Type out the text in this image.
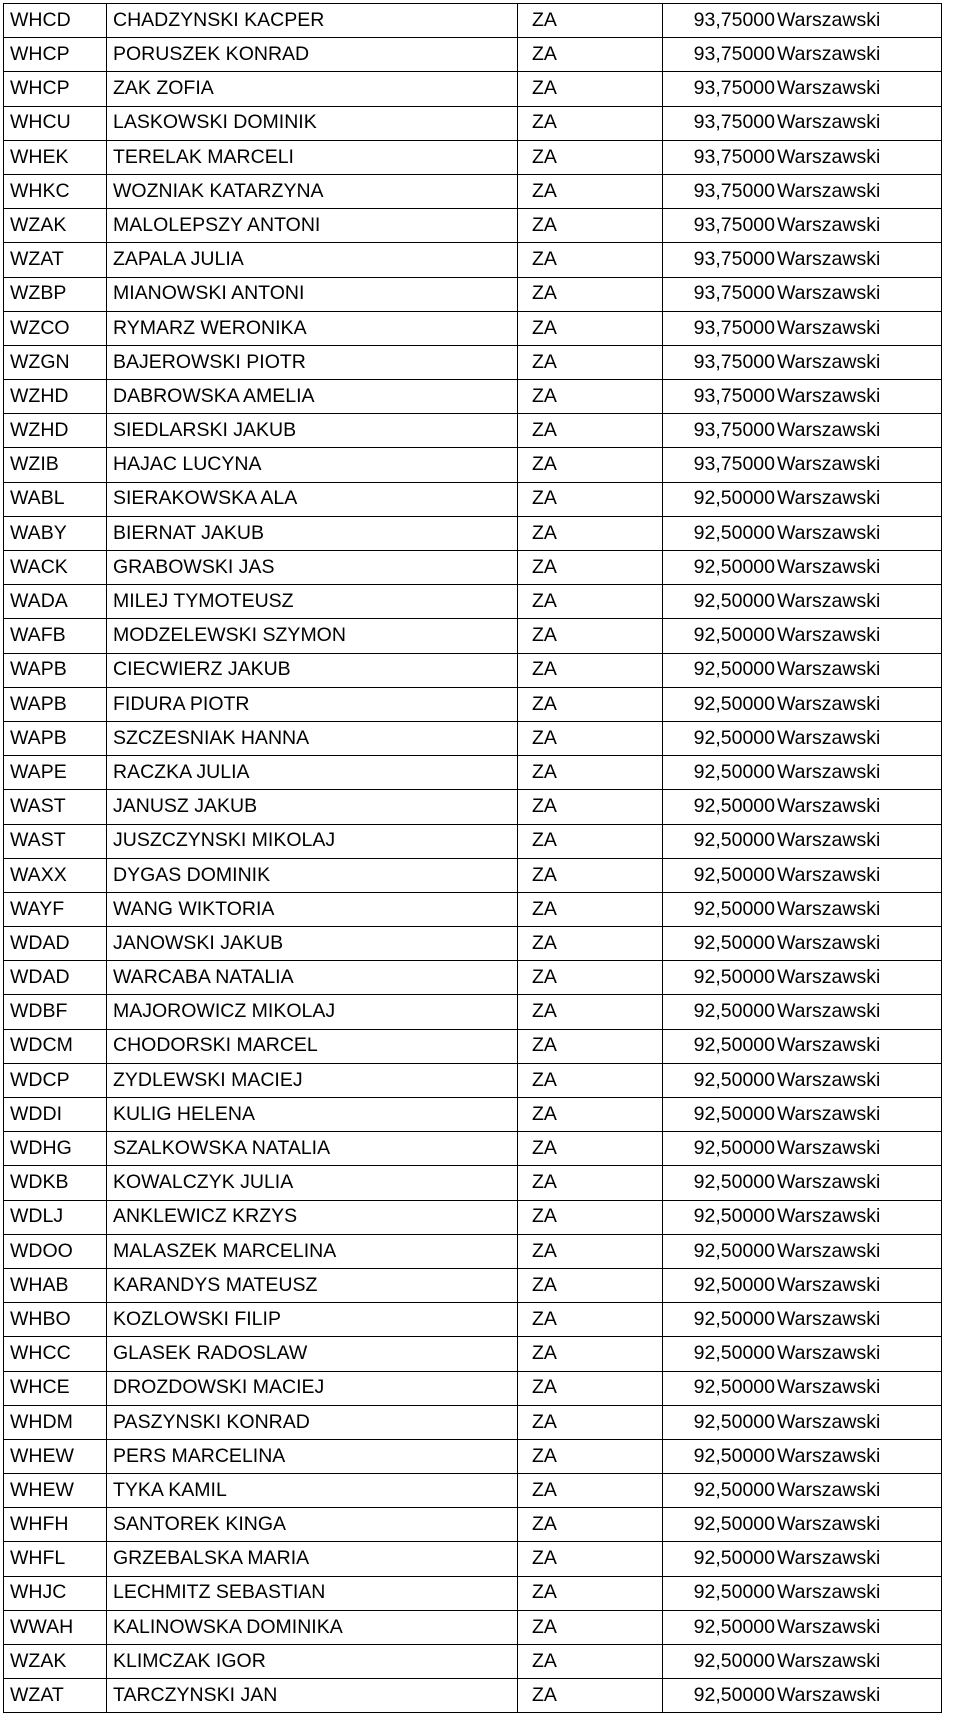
WHCD	CHADZYNSKI KACPER	ZA	93,75000	Warszawski
WHCP	PORUSZEK KONRAD	ZA	93,75000	Warszawski
WHCP	ZAK ZOFIA	ZA	93,75000	Warszawski
WHCU	LASKOWSKI DOMINIK	ZA	93,75000	Warszawski
WHEK	TERELAK MARCELI	ZA	93,75000	Warszawski
WHKC	WOZNIAK KATARZYNA	ZA	93,75000	Warszawski
WZAK	MALOLEPSZY ANTONI	ZA	93,75000	Warszawski
WZAT	ZAPALA JULIA	ZA	93,75000	Warszawski
WZBP	MIANOWSKI ANTONI	ZA	93,75000	Warszawski
WZCO	RYMARZ WERONIKA	ZA	93,75000	Warszawski
WZGN	BAJEROWSKI PIOTR	ZA	93,75000	Warszawski
WZHD	DABROWSKA AMELIA	ZA	93,75000	Warszawski
WZHD	SIEDLARSKI JAKUB	ZA	93,75000	Warszawski
WZIB	HAJAC LUCYNA	ZA	93,75000	Warszawski
WABL	SIERAKOWSKA ALA	ZA	92,50000	Warszawski
WABY	BIERNAT JAKUB	ZA	92,50000	Warszawski
WACK	GRABOWSKI JAS	ZA	92,50000	Warszawski
WADA	MILEJ TYMOTEUSZ	ZA	92,50000	Warszawski
WAFB	MODZELEWSKI SZYMON	ZA	92,50000	Warszawski
WAPB	CIECWIERZ JAKUB	ZA	92,50000	Warszawski
WAPB	FIDURA PIOTR	ZA	92,50000	Warszawski
WAPB	SZCZESNIAK HANNA	ZA	92,50000	Warszawski
WAPE	RACZKA JULIA	ZA	92,50000	Warszawski
WAST	JANUSZ JAKUB	ZA	92,50000	Warszawski
WAST	JUSZCZYNSKI MIKOLAJ	ZA	92,50000	Warszawski
WAXX	DYGAS DOMINIK	ZA	92,50000	Warszawski
WAYF	WANG WIKTORIA	ZA	92,50000	Warszawski
WDAD	JANOWSKI JAKUB	ZA	92,50000	Warszawski
WDAD	WARCABA NATALIA	ZA	92,50000	Warszawski
WDBF	MAJOROWICZ MIKOLAJ	ZA	92,50000	Warszawski
WDCM	CHODORSKI MARCEL	ZA	92,50000	Warszawski
WDCP	ZYDLEWSKI MACIEJ	ZA	92,50000	Warszawski
WDDI	KULIG HELENA	ZA	92,50000	Warszawski
WDHG	SZALKOWSKA NATALIA	ZA	92,50000	Warszawski
WDKB	KOWALCZYK JULIA	ZA	92,50000	Warszawski
WDLJ	ANKLEWICZ KRZYS	ZA	92,50000	Warszawski
WDOO	MALASZEK MARCELINA	ZA	92,50000	Warszawski
WHAB	KARANDYS MATEUSZ	ZA	92,50000	Warszawski
WHBO	KOZLOWSKI FILIP	ZA	92,50000	Warszawski
WHCC	GLASEK RADOSLAW	ZA	92,50000	Warszawski
WHCE	DROZDOWSKI MACIEJ	ZA	92,50000	Warszawski
WHDM	PASZYNSKI KONRAD	ZA	92,50000	Warszawski
WHEW	PERS MARCELINA	ZA	92,50000	Warszawski
WHEW	TYKA KAMIL	ZA	92,50000	Warszawski
WHFH	SANTOREK KINGA	ZA	92,50000	Warszawski
WHFL	GRZEBALSKA MARIA	ZA	92,50000	Warszawski
WHJC	LECHMITZ SEBASTIAN	ZA	92,50000	Warszawski
WWAH	KALINOWSKA DOMINIKA	ZA	92,50000	Warszawski
WZAK	KLIMCZAK IGOR	ZA	92,50000	Warszawski
WZAT	TARCZYNSKI JAN	ZA	92,50000	Warszawski
